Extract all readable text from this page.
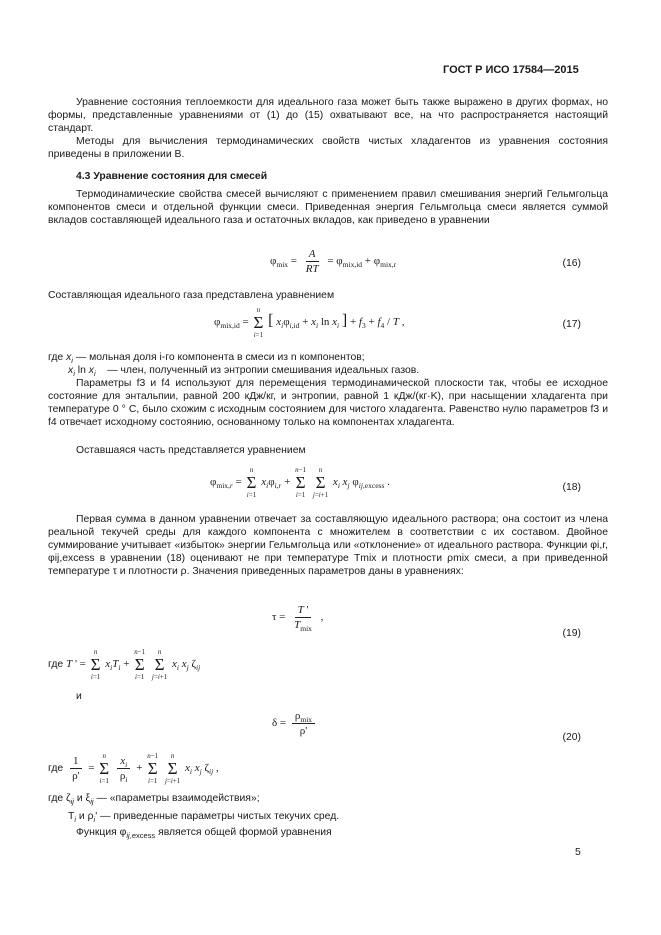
ГОСТ Р ИСО 17584—2015

Уравнение состояния теплоемкости для идеального газа может быть также выражено в других формах, но формы, представленные уравнениями от (1) до (15) охватывают все, на что распространяется настоящий стандарт.

Методы для вычисления термодинамических свойств чистых хладагентов из уравнения состояния приведены в приложении В.

4.3 Уравнение состояния для смесей

Термодинамические свойства смесей вычисляют с применением правил смешивания энергий Гельмгольца компонентов смеси и отдельной функции смеси. Приведенная энергия Гельмгольца смеси является суммой вкладов составляющей идеального газа и остаточных вкладов, как приведено в уравнении

$\varphi_{mix} = \frac{A}{RT} = \varphi_{mix,id} + \varphi_{mix,r}$	(16)
Составляющая идеального газа представлена уравнением
$\varphi_{mix,id}$ =
n
Σ
i=1
[ $x_i\varphi_{i,id} + x_i$ $\ln x_i$ ] + $f_3 + f_4 / T$ ,	(17)
где $x_i$ — мольная доля i-го компонента в смеси из n компонентов;
$x_i$ $\ln x_i$ — член, полученный из энтропии смешивания идеальных газов.

Параметры f3 и f4 используют для перемещения термодинамической плоскости так, чтобы ее исходное состояние для энтальпии, равной 200 кДж/кг, и энтропии, равной 1 кДж/(кг·K), при насыщении хладагента при температуре 0 ° С, было схожим с исходным состоянием для чистого хладагента. Равенство нулю параметров f3 и f4 отвечает исходному состоянию, основанному только на компонентах хладагента.

Оставшаяся часть представляется уравнением
$\varphi_{mix,r}$ =
n
Σ
i=1
$x_i\varphi_{i,r}$ +
n−1
Σ
i=1

n
Σ
j=i+1
$x_i$ $x_j$ $\varphi_{ij,excess}$ .	(18)

Первая сумма в данном уравнении отвечает за составляющую идеального раствора; она состоит из члена реальной текучей среды для каждого компонента с множителем в соответствии с их составом. Двойное суммирование учитывает «избыток» энергии Гельмгольца или «отклонение» от идеального раствора. Функции φi,r, φij,excess в уравнении (18) оценивают не при температуре Tmix и плотности ρmix смеси, а при приведенной температуре τ и плотности ρ. Значения приведенных параметров даны в уравнениях:

$\tau = \frac{T '}{T_{mix}}$ ,
(19)
где T ' =
n
Σ
i=1
$x_iT_i$ +
n−1
Σ
i=1

n
Σ
j=i+1
$x_i$ $x_j$ $\zeta_{ij}$
и
$\delta = \frac{\rho_{mix}}{\rho'}$
(20)
где $\frac{1}{\rho'}$ =
n
Σ
i=1
$\frac{x_i}{\rho_i}$ +
n−1
Σ
i=1

n
Σ
j=i+1
$x_i$ $x_j$ $\zeta_{ij}$ ,
где $\zeta_{ij}$ и $\xi_{ij}$ — «параметры взаимодействия»;
$T_i$ и $\rho_i'$ — приведенные параметры чистых текучих сред.
Функция $\varphi_{ij,excess}$ является общей формой уравнения
5
